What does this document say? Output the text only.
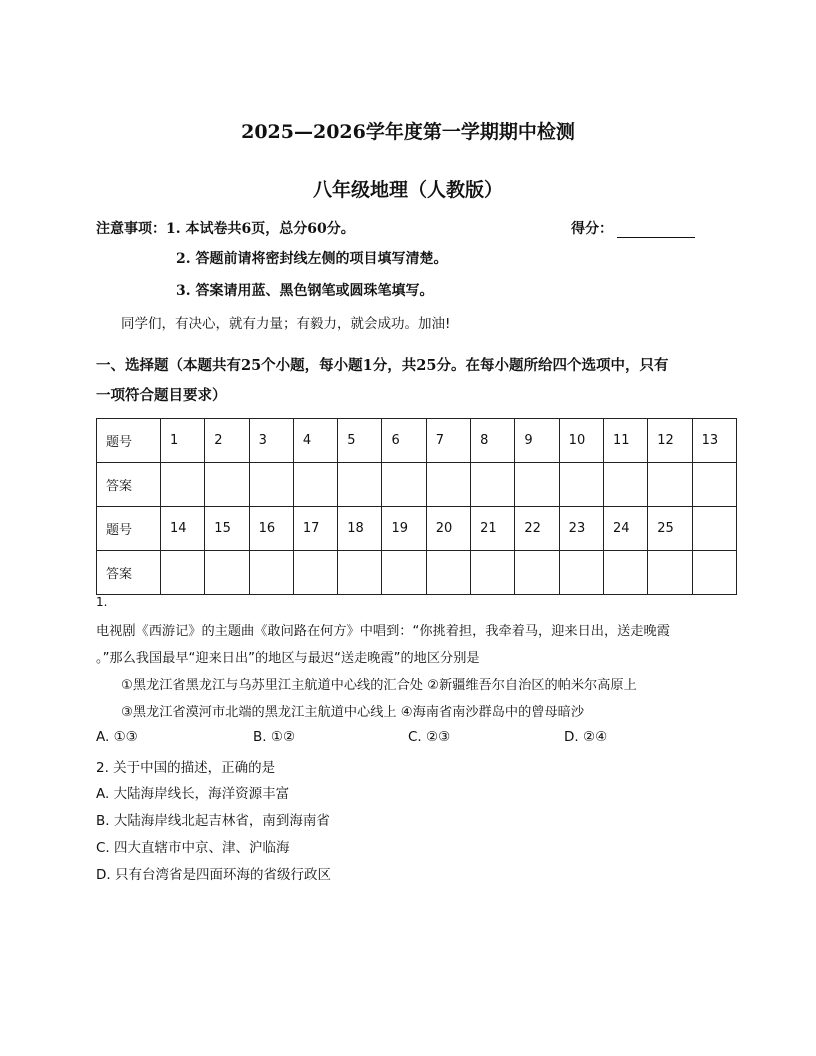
2025—2026学年度第一学期期中检测
八年级地理（人教版）
注意事项：1. 本试卷共6页，总分60分。	得分：
2. 答题前请将密封线左侧的项目填写清楚。
3. 答案请用蓝、黑色钢笔或圆珠笔填写。
同学们，有决心，就有力量；有毅力，就会成功。加油!
一、选择题（本题共有25个小题，每小题1分，共25分。在每小题所给四个选项中，只有
一项符合题目要求）
题号	1	2	3	4	5	6	7	8	9	10	11	12	13
答案													
题号	14	15	16	17	18	19	20	21	22	23	24	25	
答案													
1.
电视剧《西游记》的主题曲《敢问路在何方》中唱到：“你挑着担，我牵着马，迎来日出，送走晚霞
。”那么我国最早“迎来日出”的地区与最迟“送走晚霞”的地区分别是
①黑龙江省黑龙江与乌苏里江主航道中心线的汇合处 ②新疆维吾尔自治区的帕米尔高原上
③黑龙江省漠河市北端的黑龙江主航道中心线上 ④海南省南沙群岛中的曾母暗沙
A. ①③	B. ①②	C. ②③	D. ②④
2. 关于中国的描述，正确的是
A. 大陆海岸线长，海洋资源丰富
B. 大陆海岸线北起吉林省，南到海南省
C. 四大直辖市中京、津、沪临海
D. 只有台湾省是四面环海的省级行政区
